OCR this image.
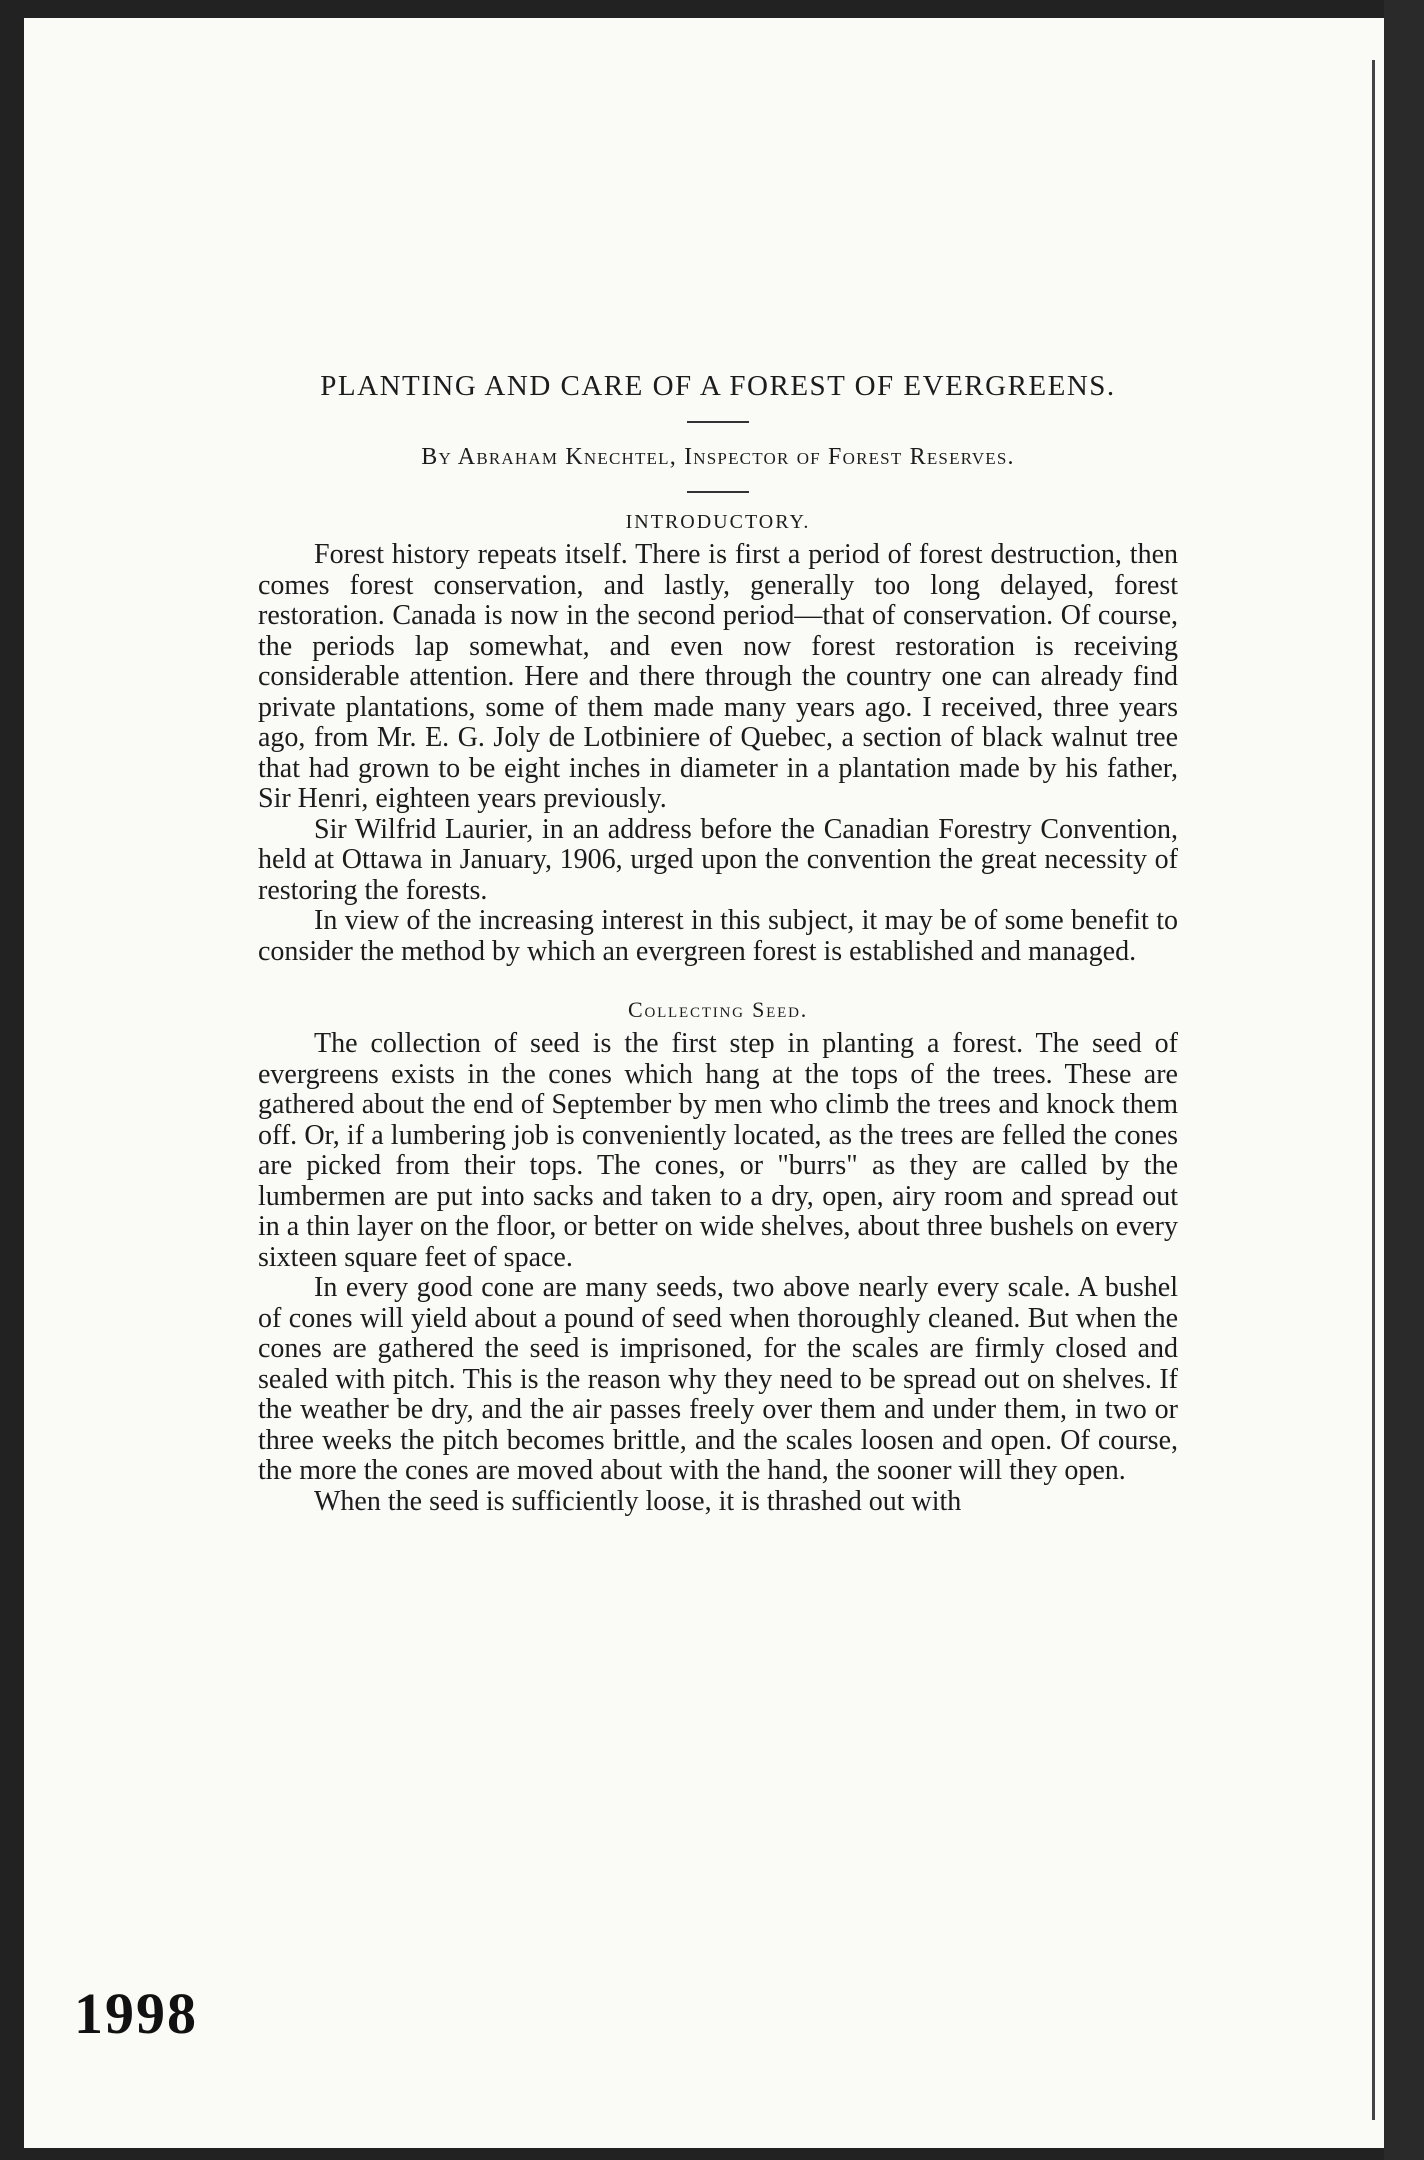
PLANTING AND CARE OF A FOREST OF EVERGREENS.
By Abraham Knechtel, Inspector of Forest Reserves.
INTRODUCTORY.

Forest history repeats itself. There is first a period of forest destruction, then comes forest conservation, and lastly, generally too long delayed, forest restoration. Canada is now in the second period—that of conservation. Of course, the periods lap somewhat, and even now forest restoration is receiving considerable attention. Here and there through the country one can already find private plantations, some of them made many years ago. I received, three years ago, from Mr. E. G. Joly de Lotbiniere of Quebec, a section of black walnut tree that had grown to be eight inches in diameter in a plantation made by his father, Sir Henri, eighteen years previously.

Sir Wilfrid Laurier, in an address before the Canadian Forestry Convention, held at Ottawa in January, 1906, urged upon the convention the great necessity of restoring the forests.

In view of the increasing interest in this subject, it may be of some benefit to consider the method by which an evergreen forest is established and managed.

Collecting Seed.

The collection of seed is the first step in planting a forest. The seed of evergreens exists in the cones which hang at the tops of the trees. These are gathered about the end of September by men who climb the trees and knock them off. Or, if a lumbering job is conveniently located, as the trees are felled the cones are picked from their tops. The cones, or "burrs" as they are called by the lumbermen are put into sacks and taken to a dry, open, airy room and spread out in a thin layer on the floor, or better on wide shelves, about three bushels on every sixteen square feet of space.

In every good cone are many seeds, two above nearly every scale. A bushel of cones will yield about a pound of seed when thoroughly cleaned. But when the cones are gathered the seed is imprisoned, for the scales are firmly closed and sealed with pitch. This is the reason why they need to be spread out on shelves. If the weather be dry, and the air passes freely over them and under them, in two or three weeks the pitch becomes brittle, and the scales loosen and open. Of course, the more the cones are moved about with the hand, the sooner will they open.

When the seed is sufficiently loose, it is thrashed out with

1998
